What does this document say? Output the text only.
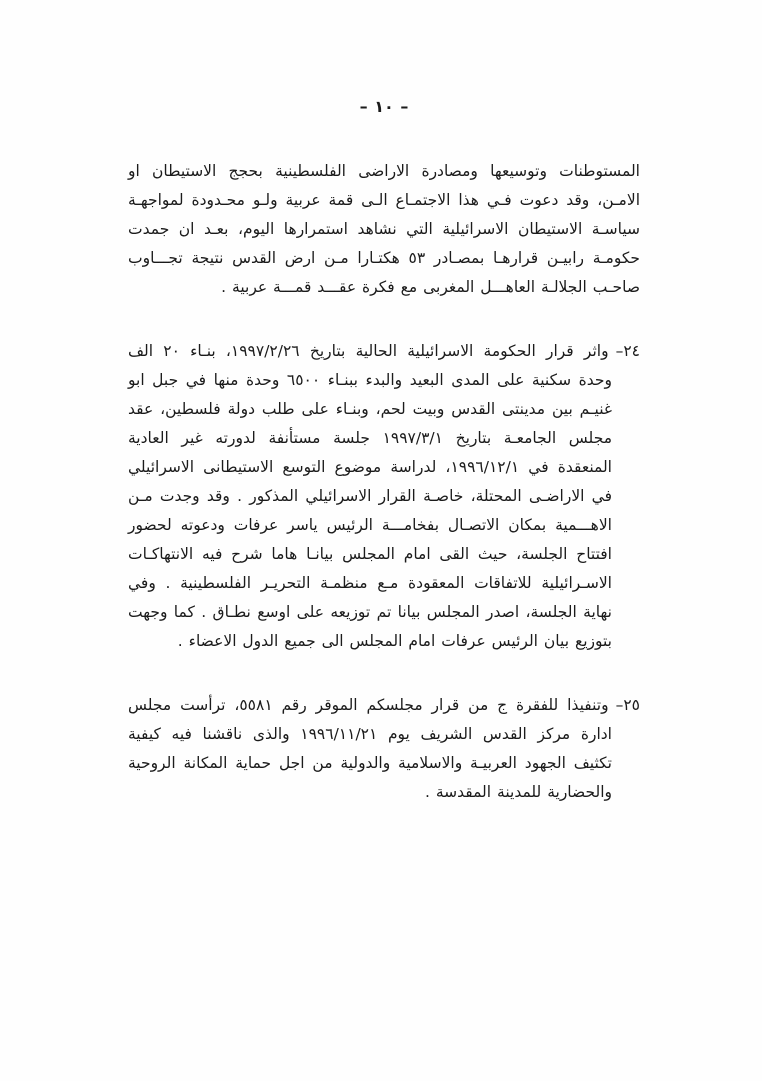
– ١٠ –

المستوطنات وتوسيعها ومصادرة الاراضى الفلسطينية بحجج الاستيطان او الامـن، وقد دعوت فـي هذا الاجتمـاع الـى قمة عربية ولـو محـدودة لمواجهـة سياسـة الاستيطان الاسرائيلية التي نشاهد استمرارها اليوم، بعـد ان جمدت حكومـة رابيـن قرارهـا بمصـادر ٥٣ هكتـارا مـن ارض القدس نتيجة تجـــاوب صاحـب الجلالـة العاهـــل المغربى مع فكرة عقـــد قمـــة عربية .

٢٤–واثر قرار الحكومة الاسرائيلية الحالية بتاريخ ١٩٩٧/٢/٢٦، بنـاء ٢٠ الف وحدة سكنية على المدى البعيد والبدء ببنـاء ٦٥٠٠ وحدة منها في جبل ابو غنيـم بين مدينتى القدس وبيت لحم، وبنـاء على طلب دولة فلسطين، عقد مجلس الجامعـة بتاريخ ١٩٩٧/٣/١ جلسة مستأنفة لدورته غير العادية المنعقدة في ١٩٩٦/١٢/١، لدراسة موضوع التوسع الاستيطانى الاسرائيلي في الاراضـى المحتلة، خاصـة القرار الاسرائيلي المذكور . وقد وجدت مـن الاهـــمية بمكان الاتصـال بفخامـــة الرئيس ياسر عرفات ودعوته لحضور افتتاح الجلسة، حيث القى امام المجلس بيانـا هاما شرح فيه الانتهاكـات الاسـرائيلية للاتفاقات المعقودة مـع منظمـة التحريـر الفلسطينية . وفي نهاية الجلسة، اصدر المجلس بيانا تم توزيعه على اوسع نطـاق . كما وجهت بتوزيع بيان الرئيس عرفات امام المجلس الى جميع الدول الاعضاء .

٢٥–وتنفيذا للفقرة ج من قرار مجلسكم الموقر رقم ٥٥٨١، ترأست مجلس ادارة مركز القدس الشريف يوم ١٩٩٦/١١/٢١ والذى ناقشنا فيه كيفية تكثيف الجهود العربيـة والاسلامية والدولية من اجل حماية المكانة الروحية والحضارية للمدينة المقدسة .
